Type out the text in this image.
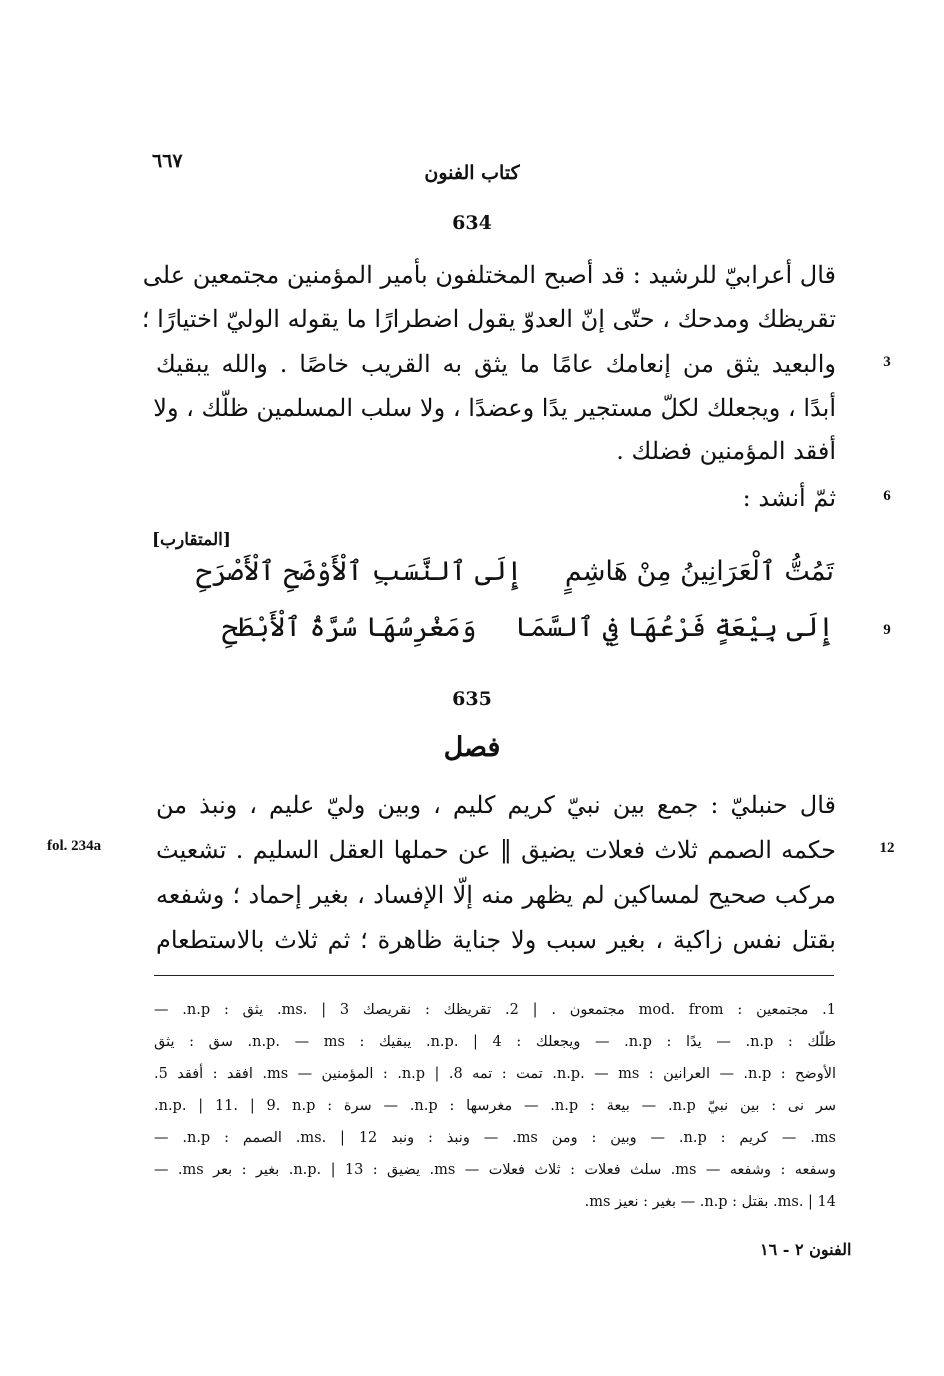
٦٦٧
كتاب الفنون
634
قال أعرابيّ للرشيد : قد أصبح المختلفون بأمير المؤمنين مجتمعين على
تقريظك ومدحك ، حتّى إنّ العدوّ يقول اضطرارًا ما يقوله الوليّ اختيارًا ؛
والبعيد يثق من إنعامك عامًا ما يثق به القريب خاصًا . والله يبقيك
أبدًا ، ويجعلك لكلّ مستجير يدًا وعضدًا ، ولا سلب المسلمين ظلّك ، ولا
أفقد المؤمنين فضلك .
ثمّ أنشد :
3
6
[المتقارب]
تَمُتُّ ٱلْعَرَانِينُ مِنْ هَاشِمٍ
إِلَى ٱلنَّسَبِ ٱلْأَوْضَحِ ٱلْأَصْرَحِ
إِلَى بِيْعَةٍ فَرْعُهَا فِي ٱلسَّمَا
وَمَغْرِسُهَا سُرَّةُ ٱلْأَبْطَحِ	9
635
فصل
قال حنبليّ : جمع بين نبيّ كريم كليم ، وبين وليّ عليم ، ونبذ من
حكمه الصمم ثلاث فعلات يضيق ‖ عن حملها العقل السليم . تشعيث
مركب صحيح لمساكين لم يظهر منه إلّا الإفساد ، بغير إحماد ؛ وشفعه
بقتل نفس زاكية ، بغير سبب ولا جناية ظاهرة ؛ ثم ثلاث بالاستطعام
12
fol. 234a
1. مجتمعين : mod. from مجتمعون . | 2. تقريظك : نقريصك ms. | 3. يثق : n.p. —
ظلّك : n.p. — يدًا : n.p. — ويجعلك : n.p. | 4. يبقيك : n.p. — ms. سق : يثق
الأوضح : n.p. — العرانين : n.p. — ms. تمت : تمه 8. | n.p. : المؤمنين — ms. افقد : أفقد 5.
سر نى : بين نبيّ n.p. — بيعة : n.p. — مغرسها : n.p. — سرة : n.p. | 11. | 9. n.p.
ms. — كريم : n.p. — وبين : ومن ms. — ونبذ : ونبد ms. | 12. الصمم : n.p. —
وسفعه : وشفعه — ms. سلث فعلات : ثلاث فعلات — ms. يضيق : n.p. | 13. بغير : بعر ms. —
ms. | 14. بقتل : n.p. — بغير : نعيز ms.
الفنون ٢ - ١٦
